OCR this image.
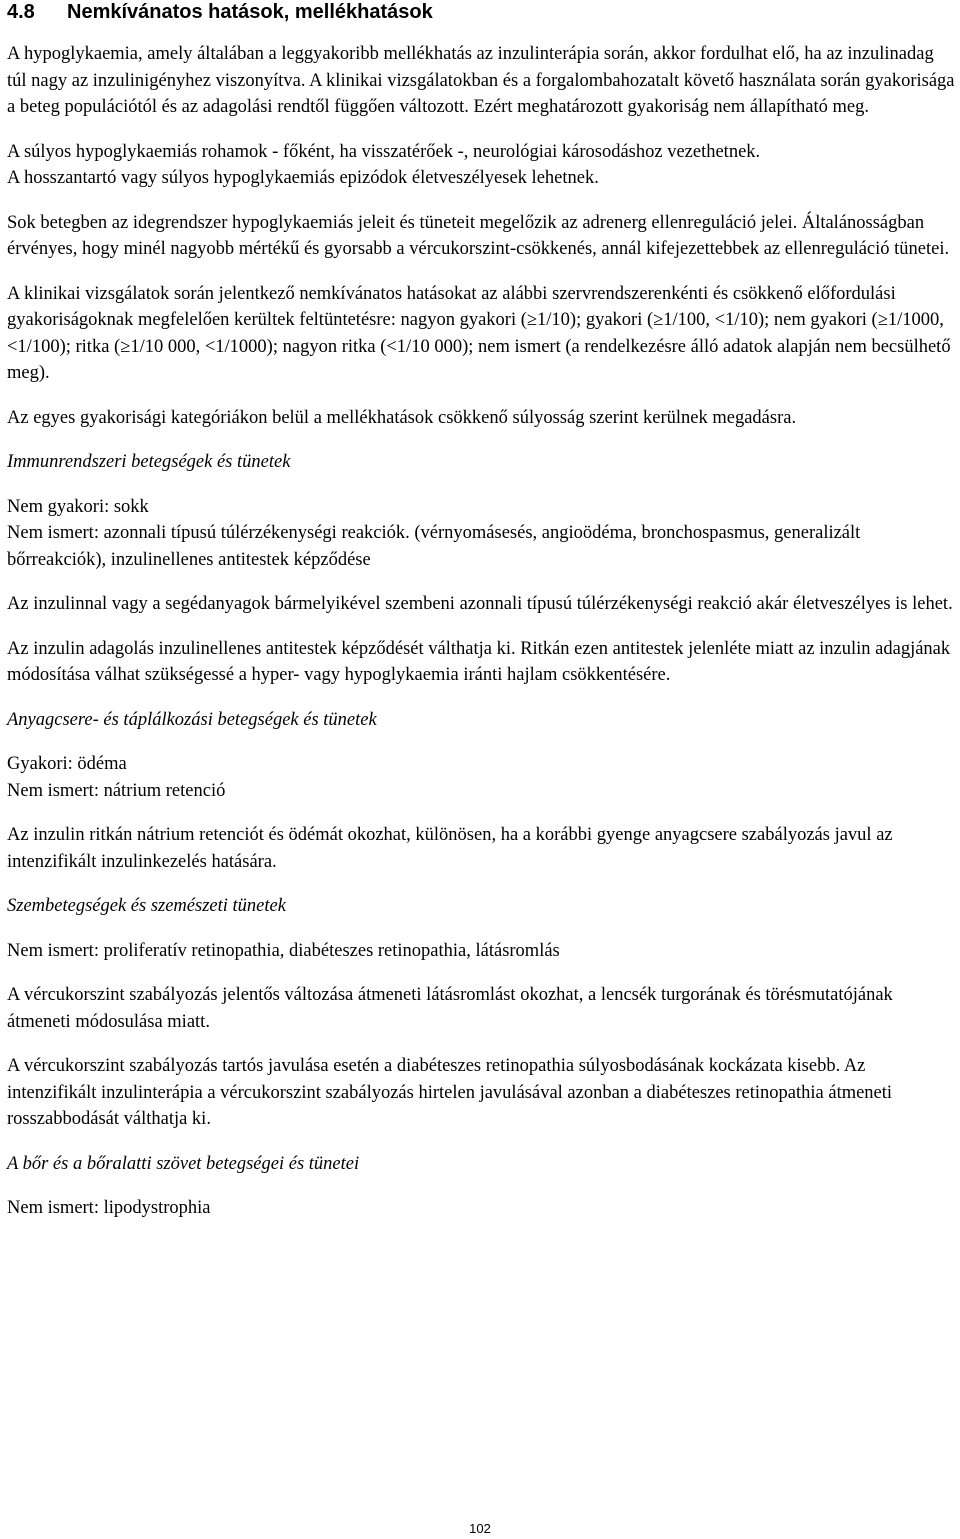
4.8	Nemkívánatos hatások, mellékhatások

A hypoglykaemia, amely általában a leggyakoribb mellékhatás az inzulinterápia során, akkor fordulhat elő, ha az inzulinadag túl nagy az inzulinigényhez viszonyítva. A klinikai vizsgálatokban és a forgalombahozatalt követő használata során gyakorisága a beteg populációtól és az adagolási rendtől függően változott. Ezért meghatározott gyakoriság nem állapítható meg.

A súlyos hypoglykaemiás rohamok - főként, ha visszatérőek -, neurológiai károsodáshoz vezethetnek.

A hosszantartó vagy súlyos hypoglykaemiás epizódok életveszélyesek lehetnek.

Sok betegben az idegrendszer hypoglykaemiás jeleit és tüneteit megelőzik az adrenerg ellenreguláció jelei. Általánosságban érvényes, hogy minél nagyobb mértékű és gyorsabb a vércukorszint-csökkenés, annál kifejezettebbek az ellenreguláció tünetei.

A klinikai vizsgálatok során jelentkező nemkívánatos hatásokat az alábbi szervrendszerenkénti és csökkenő előfordulási gyakoriságoknak megfelelően kerültek feltüntetésre: nagyon gyakori (≥1/10); gyakori (≥1/100, <1/10); nem gyakori (≥1/1000, <1/100); ritka (≥1/10 000, <1/1000); nagyon ritka (<1/10 000); nem ismert (a rendelkezésre álló adatok alapján nem becsülhető meg).

Az egyes gyakorisági kategóriákon belül a mellékhatások csökkenő súlyosság szerint kerülnek megadásra.

Immunrendszeri betegségek és tünetek

Nem gyakori: sokk

Nem ismert: azonnali típusú túlérzékenységi reakciók. (vérnyomásesés, angioödéma, bronchospasmus, generalizált bőrreakciók), inzulinellenes antitestek képződése

Az inzulinnal vagy a segédanyagok bármelyikével szembeni azonnali típusú túlérzékenységi reakció akár életveszélyes is lehet.

Az inzulin adagolás inzulinellenes antitestek képződését válthatja ki. Ritkán ezen antitestek jelenléte miatt az inzulin adagjának módosítása válhat szükségessé a hyper- vagy hypoglykaemia iránti hajlam csökkentésére.

Anyagcsere- és táplálkozási betegségek és tünetek

Gyakori: ödéma

Nem ismert: nátrium retenció

Az inzulin ritkán nátrium retenciót és ödémát okozhat, különösen, ha a korábbi gyenge anyagcsere szabályozás javul az intenzifikált inzulinkezelés hatására.

Szembetegségek és szemészeti tünetek

Nem ismert: proliferatív retinopathia, diabéteszes retinopathia, látásromlás

A vércukorszint szabályozás jelentős változása átmeneti látásromlást okozhat, a lencsék turgorának és törésmutatójának átmeneti módosulása miatt.

A vércukorszint szabályozás tartós javulása esetén a diabéteszes retinopathia súlyosbodásának kockázata kisebb. Az intenzifikált inzulinterápia a vércukorszint szabályozás hirtelen javulásával azonban a diabéteszes retinopathia átmeneti rosszabbodását válthatja ki.

A bőr és a bőralatti szövet betegségei és tünetei

Nem ismert: lipodystrophia

102
